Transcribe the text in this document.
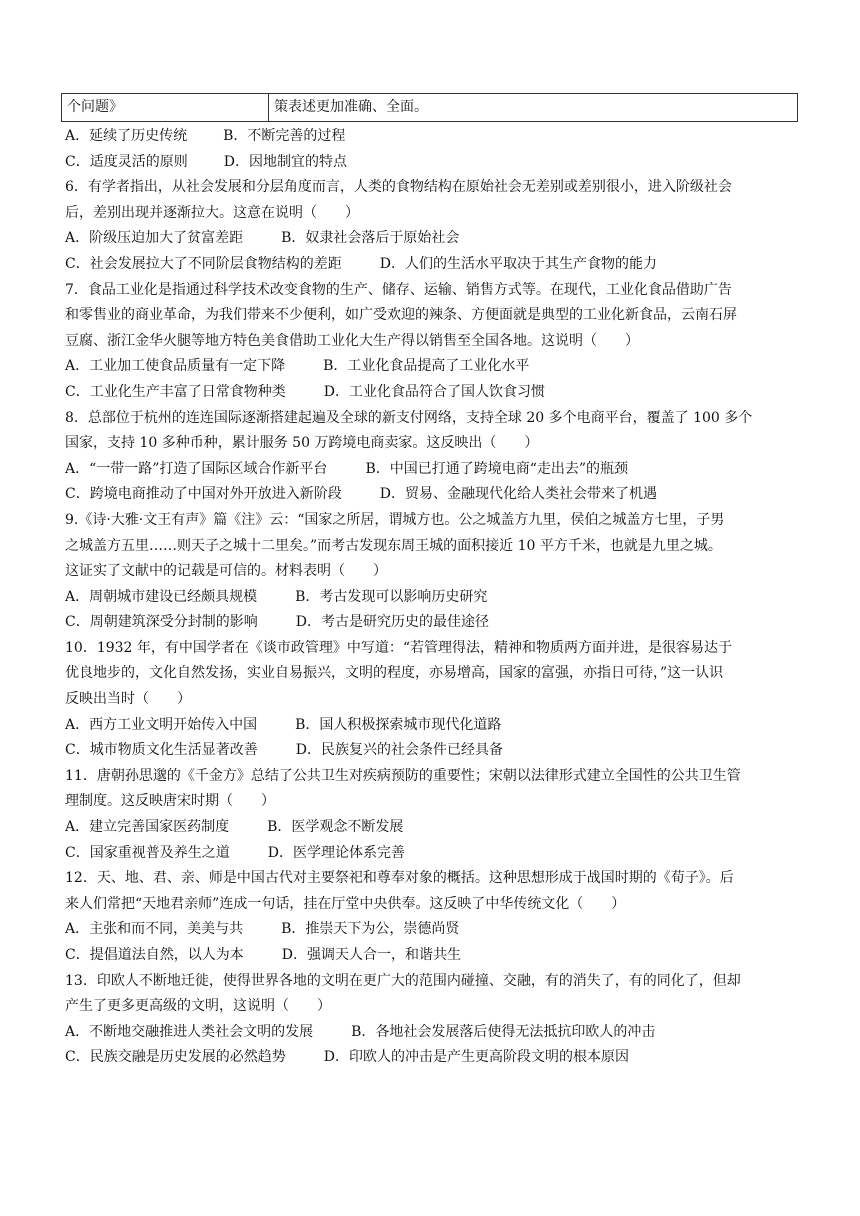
个问题》	策表述更加准确、全面。
A．延续了历史传统	B．不断完善的过程
C．适度灵活的原则	D．因地制宜的特点
6．有学者指出，从社会发展和分层角度而言，人类的食物结构在原始社会无差别或差别很小，进入阶级社会
后，差别出现并逐渐拉大。这意在说明（　　）
A．阶级压迫加大了贫富差距	B．奴隶社会落后于原始社会
C．社会发展拉大了不同阶层食物结构的差距	D．人们的生活水平取决于其生产食物的能力
7．食品工业化是指通过科学技术改变食物的生产、储存、运输、销售方式等。在现代，工业化食品借助广告
和零售业的商业革命，为我们带来不少便利，如广受欢迎的辣条、方便面就是典型的工业化新食品，云南石屏
豆腐、浙江金华火腿等地方特色美食借助工业化大生产得以销售至全国各地。这说明（　　）
A．工业加工使食品质量有一定下降	B．工业化食品提高了工业化水平
C．工业化生产丰富了日常食物种类	D．工业化食品符合了国人饮食习惯
8．总部位于杭州的连连国际逐渐搭建起遍及全球的新支付网络，支持全球 20 多个电商平台，覆盖了 100 多个
国家，支持 10 多种币种，累计服务 50 万跨境电商卖家。这反映出（　　）
A．“一带一路”打造了国际区域合作新平台	B．中国已打通了跨境电商“走出去”的瓶颈
C．跨境电商推动了中国对外开放进入新阶段	D．贸易、金融现代化给人类社会带来了机遇
9.《诗·大雅·文王有声》篇《注》云：“国家之所居，谓城方也。公之城盖方九里，侯伯之城盖方七里，子男
之城盖方五里……则天子之城十二里矣。”而考古发现东周王城的面积接近 10 平方千米，也就是九里之城。
这证实了文献中的记载是可信的。材料表明（　　）
A．周朝城市建设已经颇具规模	B．考古发现可以影响历史研究
C．周朝建筑深受分封制的影响	D．考古是研究历史的最佳途径
10．1932 年，有中国学者在《谈市政管理》中写道：“若管理得法，精神和物质两方面并进，是很容易达于
优良地步的，文化自然发扬，实业自易振兴，文明的程度，亦易增高，国家的富强，亦指日可待，”这一认识
反映出当时（　　）
A．西方工业文明开始传入中国	B．国人积极探索城市现代化道路
C．城市物质文化生活显著改善	D．民族复兴的社会条件已经具备
11．唐朝孙思邈的《千金方》总结了公共卫生对疾病预防的重要性；宋朝以法律形式建立全国性的公共卫生管
理制度。这反映唐宋时期（　　）
A．建立完善国家医药制度	B．医学观念不断发展
C．国家重视普及养生之道	D．医学理论体系完善
12．天、地、君、亲、师是中国古代对主要祭祀和尊奉对象的概括。这种思想形成于战国时期的《荀子》。后
来人们常把“天地君亲师”连成一句话，挂在厅堂中央供奉。这反映了中华传统文化（　　）
A．主张和而不同，美美与共	B．推崇天下为公，崇德尚贤
C．提倡道法自然，以人为本	D．强调天人合一，和谐共生
13．印欧人不断地迁徙，使得世界各地的文明在更广大的范围内碰撞、交融，有的消失了，有的同化了，但却
产生了更多更高级的文明，这说明（　　）
A．不断地交融推进人类社会文明的发展	B．各地社会发展落后使得无法抵抗印欧人的冲击
C．民族交融是历史发展的必然趋势	D．印欧人的冲击是产生更高阶段文明的根本原因
